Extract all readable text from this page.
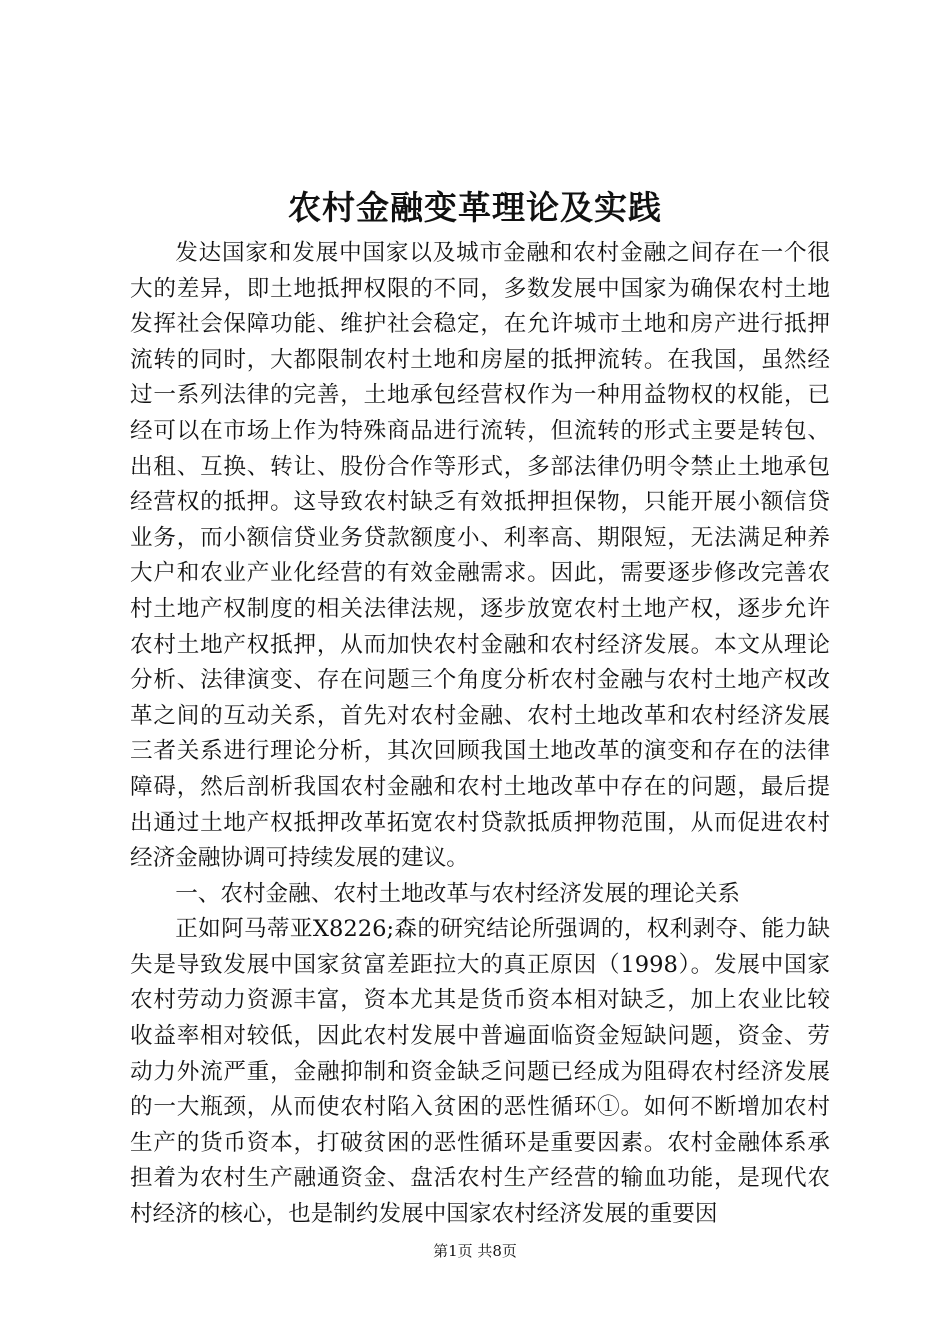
农村金融变革理论及实践

发达国家和发展中国家以及城市金融和农村金融之间存在一个很大的差异，即土地抵押权限的不同，多数发展中国家为确保农村土地发挥社会保障功能、维护社会稳定，在允许城市土地和房产进行抵押流转的同时，大都限制农村土地和房屋的抵押流转。在我国，虽然经过一系列法律的完善，土地承包经营权作为一种用益物权的权能，已经可以在市场上作为特殊商品进行流转，但流转的形式主要是转包、出租、互换、转让、股份合作等形式，多部法律仍明令禁止土地承包经营权的抵押。这导致农村缺乏有效抵押担保物，只能开展小额信贷业务，而小额信贷业务贷款额度小、利率高、期限短，无法满足种养大户和农业产业化经营的有效金融需求。因此，需要逐步修改完善农村土地产权制度的相关法律法规，逐步放宽农村土地产权，逐步允许农村土地产权抵押，从而加快农村金融和农村经济发展。本文从理论分析、法律演变、存在问题三个角度分析农村金融与农村土地产权改革之间的互动关系，首先对农村金融、农村土地改革和农村经济发展三者关系进行理论分析，其次回顾我国土地改革的演变和存在的法律障碍，然后剖析我国农村金融和农村土地改革中存在的问题，最后提出通过土地产权抵押改革拓宽农村贷款抵质押物范围，从而促进农村经济金融协调可持续发展的建议。

一、农村金融、农村土地改革与农村经济发展的理论关系

正如阿马蒂亚X8226;森的研究结论所强调的，权利剥夺、能力缺失是导致发展中国家贫富差距拉大的真正原因（1998）。发展中国家农村劳动力资源丰富，资本尤其是货币资本相对缺乏，加上农业比较收益率相对较低，因此农村发展中普遍面临资金短缺问题，资金、劳动力外流严重，金融抑制和资金缺乏问题已经成为阻碍农村经济发展的一大瓶颈，从而使农村陷入贫困的恶性循环①。如何不断增加农村生产的货币资本，打破贫困的恶性循环是重要因素。农村金融体系承担着为农村生产融通资金、盘活农村生产经营的输血功能，是现代农村经济的核心，也是制约发展中国家农村经济发展的重要因

第1页 共8页
